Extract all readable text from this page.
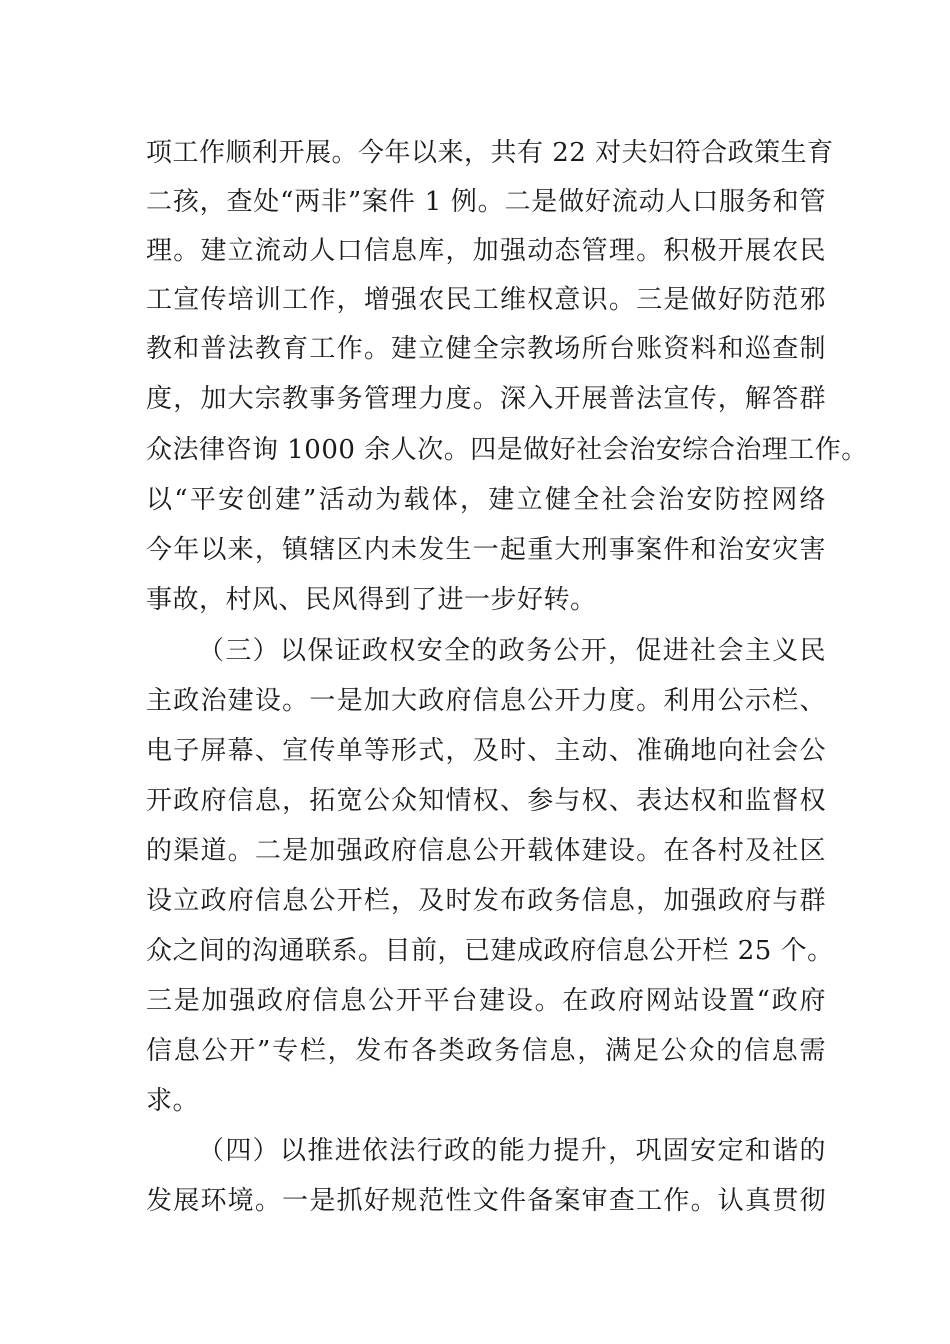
项工作顺利开展。今年以来，共有 22 对夫妇符合政策生育
二孩，查处“两非”案件 1 例。二是做好流动人口服务和管
理。建立流动人口信息库，加强动态管理。积极开展农民
工宣传培训工作，增强农民工维权意识。三是做好防范邪
教和普法教育工作。建立健全宗教场所台账资料和巡查制
度，加大宗教事务管理力度。深入开展普法宣传，解答群
众法律咨询 1000 余人次。四是做好社会治安综合治理工作。
以“平安创建”活动为载体，建立健全社会治安防控网络
今年以来，镇辖区内未发生一起重大刑事案件和治安灾害
事故，村风、民风得到了进一步好转。
（三）以保证政权安全的政务公开，促进社会主义民
主政治建设。一是加大政府信息公开力度。利用公示栏、
电子屏幕、宣传单等形式，及时、主动、准确地向社会公
开政府信息，拓宽公众知情权、参与权、表达权和监督权
的渠道。二是加强政府信息公开载体建设。在各村及社区
设立政府信息公开栏，及时发布政务信息，加强政府与群
众之间的沟通联系。目前，已建成政府信息公开栏 25 个。
三是加强政府信息公开平台建设。在政府网站设置“政府
信息公开”专栏，发布各类政务信息，满足公众的信息需
求。
（四）以推进依法行政的能力提升，巩固安定和谐的
发展环境。一是抓好规范性文件备案审查工作。认真贯彻
